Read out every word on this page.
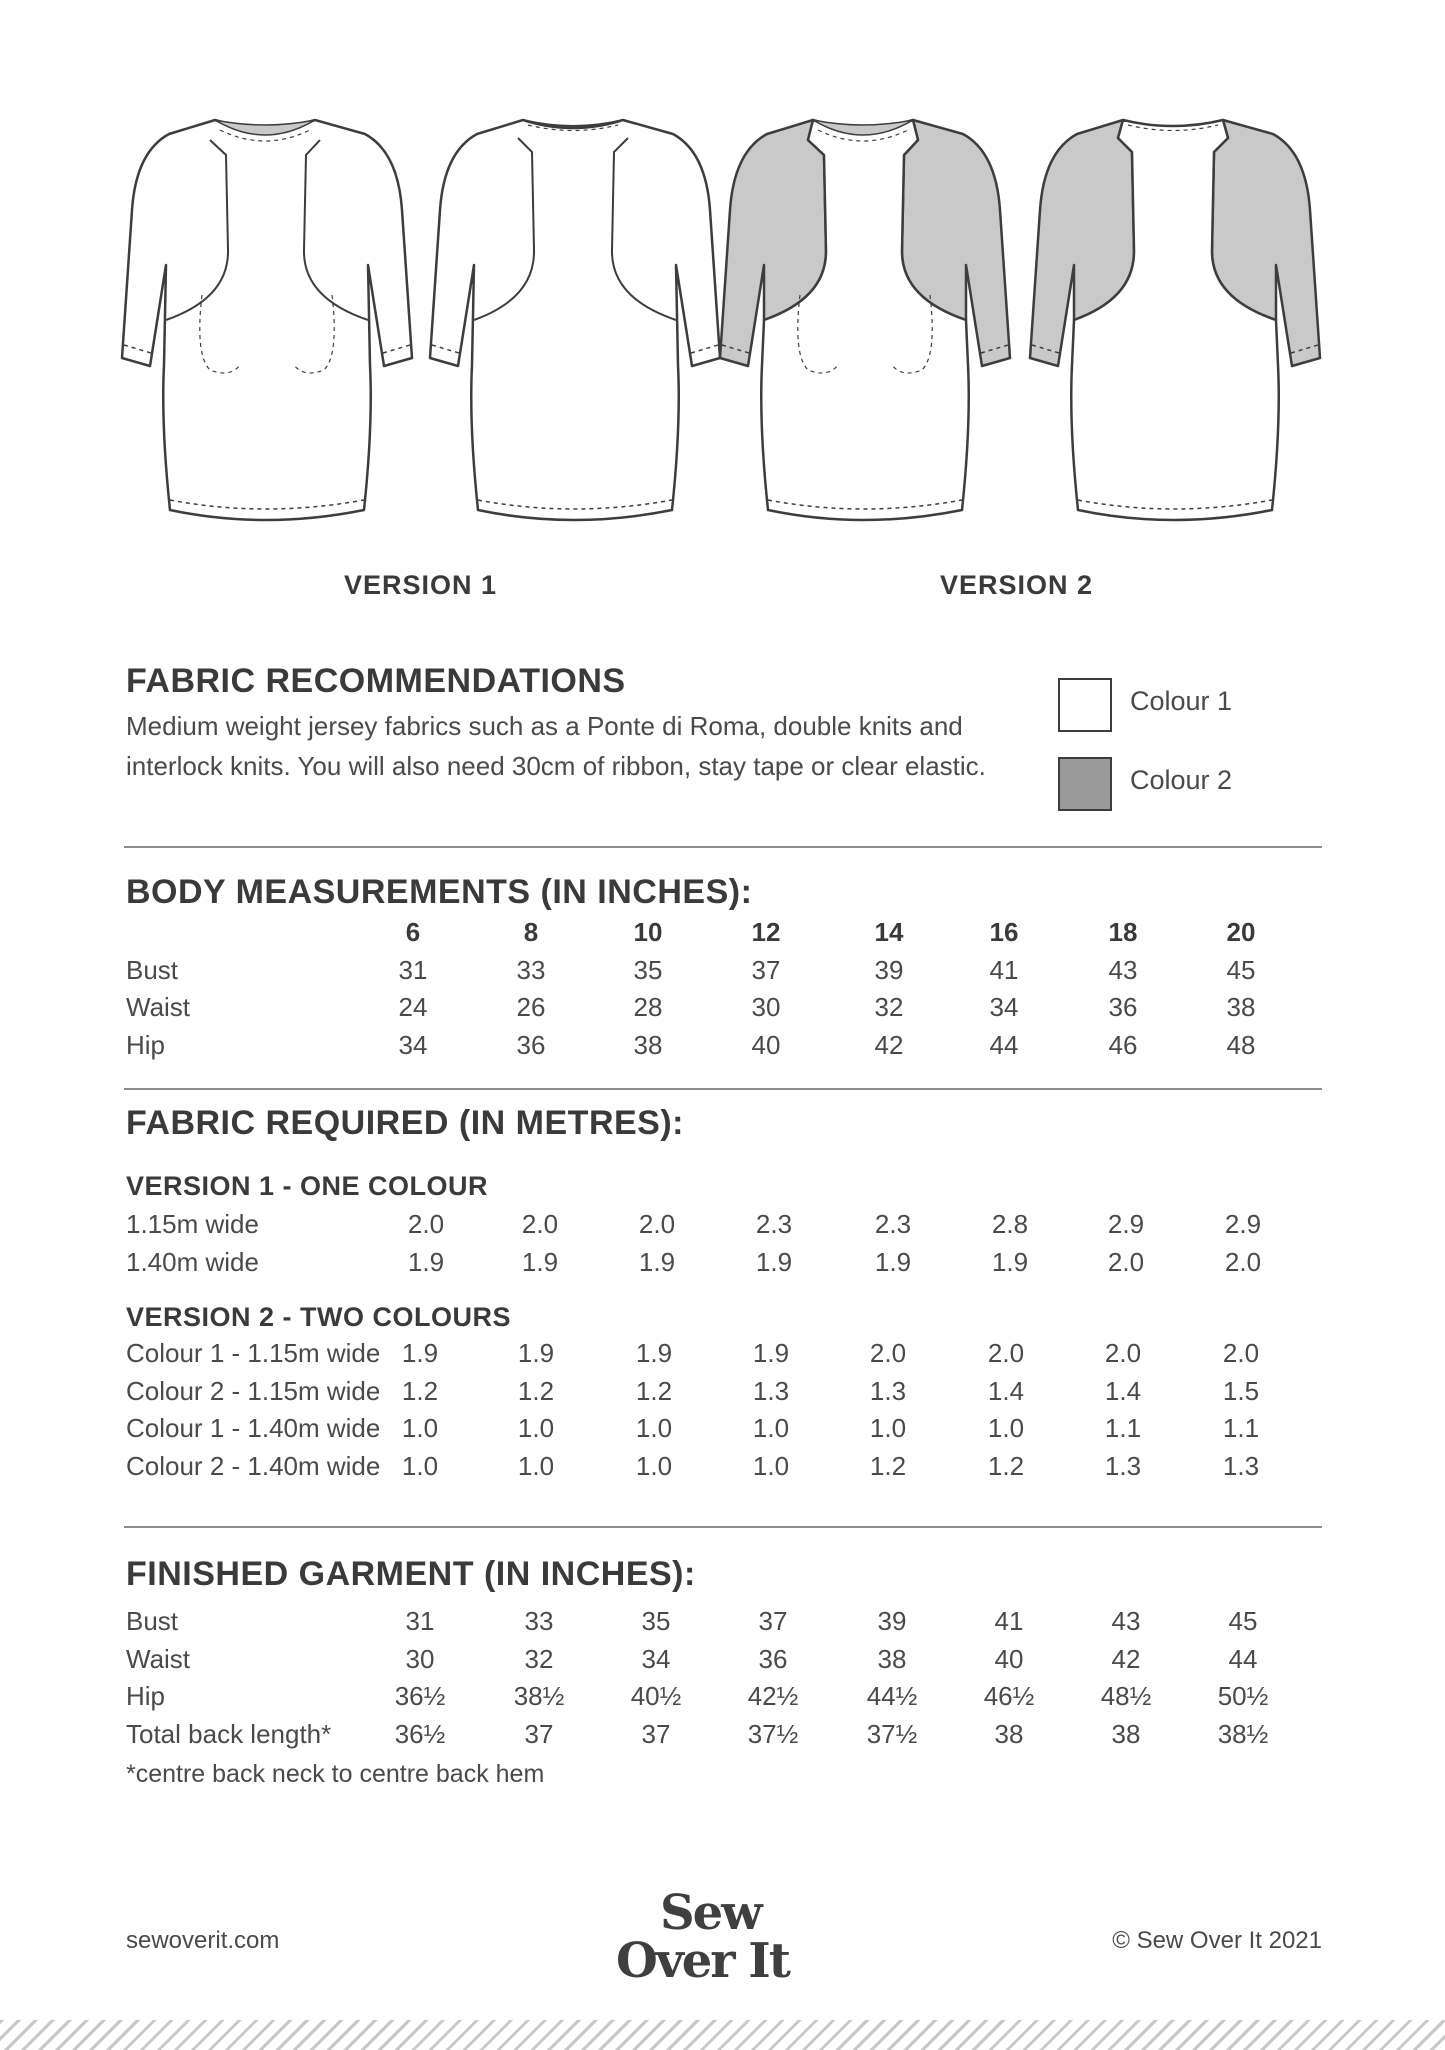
VERSION 1	VERSION 2
FABRIC RECOMMENDATIONS
Medium weight jersey fabrics such as a Ponte di Roma, double knits and
interlock knits. You will also need 30cm of ribbon, stay tape or clear elastic.
Colour 1
Colour 2
BODY MEASUREMENTS (IN INCHES):
6	8	10	12	14	16	18	20
Bust	31	33	35	37	39	41	43	45
Waist	24	26	28	30	32	34	36	38
Hip	34	36	38	40	42	44	46	48
FABRIC REQUIRED (IN METRES):
VERSION 1 - ONE COLOUR
1.15m wide	2.0	2.0	2.0	2.3	2.3	2.8	2.9	2.9
1.40m wide	1.9	1.9	1.9	1.9	1.9	1.9	2.0	2.0
VERSION 2 - TWO COLOURS
Colour 1 - 1.15m wide 1.9	1.9	1.9	1.9	2.0	2.0	2.0	2.0
Colour 2 - 1.15m wide 1.2	1.2	1.2	1.3	1.3	1.4	1.4	1.5
Colour 1 - 1.40m wide 1.0	1.0	1.0	1.0	1.0	1.0	1.1	1.1
Colour 2 - 1.40m wide 1.0	1.0	1.0	1.0	1.2	1.2	1.3	1.3
FINISHED GARMENT (IN INCHES):
Bust	31	33	35	37	39	41	43	45
Waist	30	32	34	36	38	40	42	44
Hip	36½	38½	40½	42½	44½	46½	48½	50½
Total back length*	36½	37	37	37½	37½	38	38	38½
*centre back neck to centre back hem
sewoverit.com	Sew
Over It	© Sew Over It 2021
